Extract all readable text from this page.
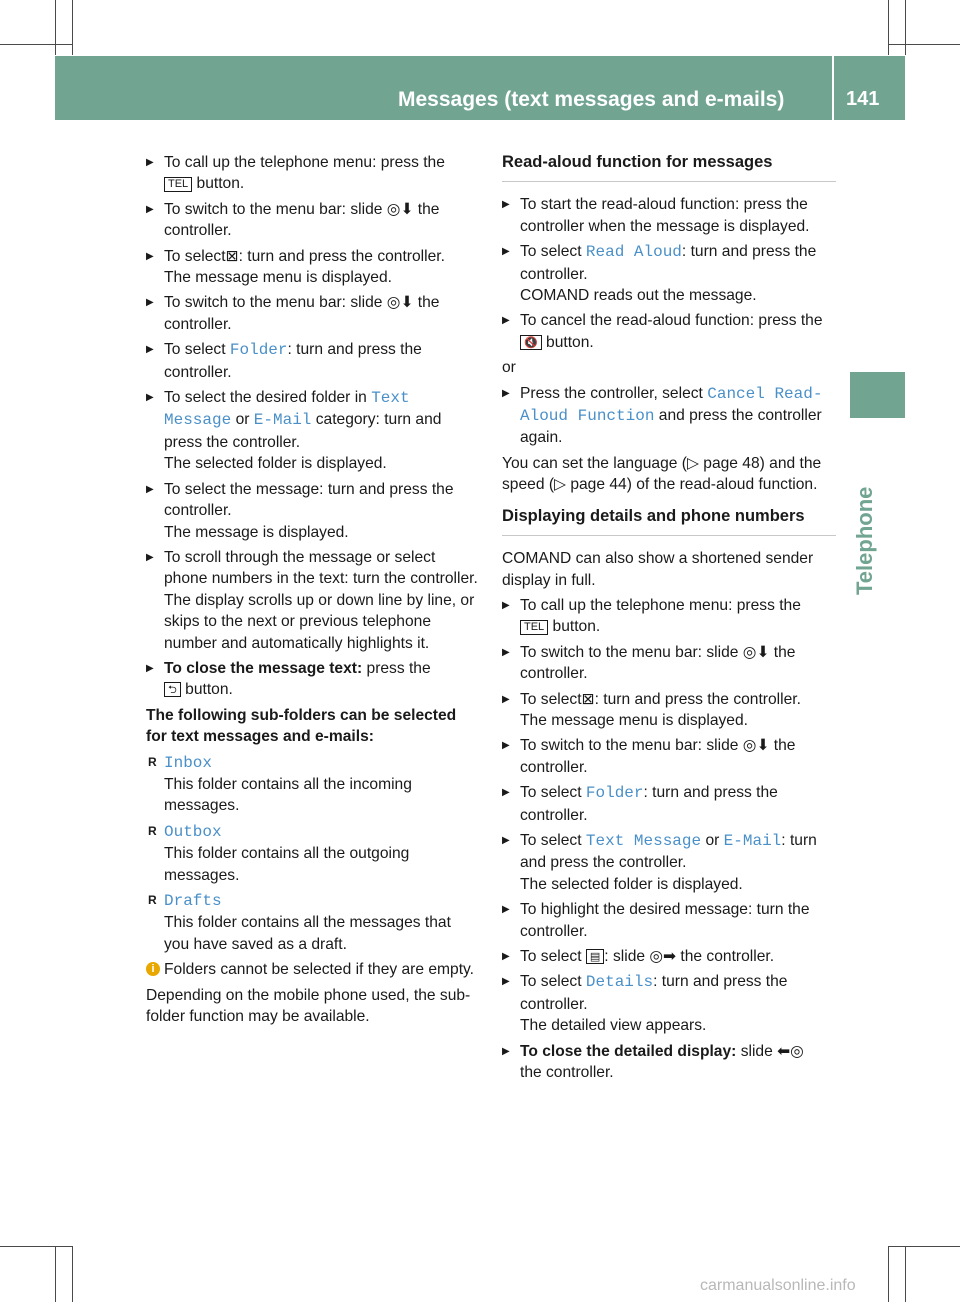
Messages (text messages and e-mails)	141
Telephone
▶ To call up the telephone menu: press the
TEL button.
▶ To switch to the menu bar: slide ◎⬇ the controller.
▶ To select⊠: turn and press the controller.
The message menu is displayed.
▶ To switch to the menu bar: slide ◎⬇ the controller.
▶ To select Folder: turn and press the controller.
▶ To select the desired folder in Text Message or E-Mail category: turn and press the controller.
The selected folder is displayed.
▶ To select the message: turn and press the controller.
The message is displayed.
▶ To scroll through the message or select phone numbers in the text: turn the controller.
The display scrolls up or down line by line, or skips to the next or previous telephone number and automatically highlights it.
▶ To close the message text: press the
⮌ button.
The following sub-folders can be selected for text messages and e-mails:
R Inbox
This folder contains all the incoming messages.
R Outbox
This folder contains all the outgoing messages.
R Drafts
This folder contains all the messages that you have saved as a draft.
i Folders cannot be selected if they are empty.
Depending on the mobile phone used, the sub-folder function may be available.
Read-aloud function for messages
▶ To start the read-aloud function: press the controller when the message is displayed.
▶ To select Read Aloud: turn and press the controller.
COMAND reads out the message.
▶ To cancel the read-aloud function: press the 🔇 button.
or
▶ Press the controller, select Cancel Read-Aloud Function and press the controller again.
You can set the language (▷ page 48) and the speed (▷ page 44) of the read-aloud function.
Displaying details and phone numbers
COMAND can also show a shortened sender display in full.
▶ To call up the telephone menu: press the
TEL button.
▶ To switch to the menu bar: slide ◎⬇ the controller.
▶ To select⊠: turn and press the controller.
The message menu is displayed.
▶ To switch to the menu bar: slide ◎⬇ the controller.
▶ To select Folder: turn and press the controller.
▶ To select Text Message or E-Mail: turn and press the controller.
The selected folder is displayed.
▶ To highlight the desired message: turn the controller.
▶ To select ▤ : slide ◎➡ the controller.
▶ To select Details: turn and press the controller.
The detailed view appears.
▶ To close the detailed display: slide ⬅◎
the controller.
carmanualsonline.info
